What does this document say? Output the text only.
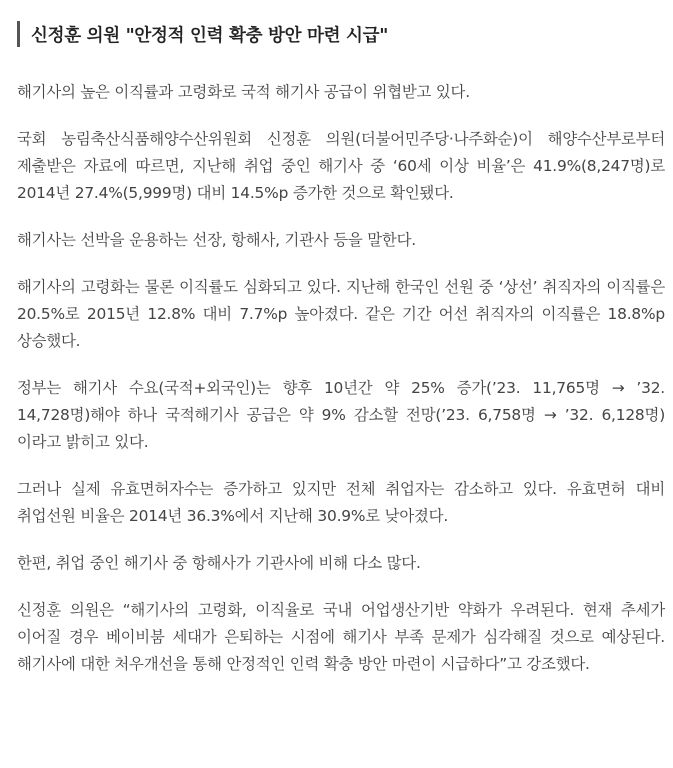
신정훈 의원 "안정적 인력 확충 방안 마련 시급"

해기사의 높은 이직률과 고령화로 국적 해기사 공급이 위협받고 있다.

국회 농림축산식품해양수산위원회 신정훈 의원(더불어민주당·나주화순)이 해양수산부로부터 제출받은 자료에 따르면, 지난해 취업 중인 해기사 중 ‘60세 이상 비율’은 41.9%(8,247명)로 2014년 27.4%(5,999명) 대비 14.5%p 증가한 것으로 확인됐다.

해기사는 선박을 운용하는 선장, 항해사, 기관사 등을 말한다.

해기사의 고령화는 물론 이직률도 심화되고 있다. 지난해 한국인 선원 중 ‘상선’ 취직자의 이직률은 20.5%로 2015년 12.8% 대비 7.7%p 높아졌다. 같은 기간 어선 취직자의 이직률은 18.8%p 상승했다.

정부는 해기사 수요(국적+외국인)는 향후 10년간 약 25% 증가(’23. 11,765명 → ’32. 14,728명)해야 하나 국적해기사 공급은 약 9% 감소할 전망(’23. 6,758명 → ’32. 6,128명)이라고 밝히고 있다.

그러나 실제 유효면허자수는 증가하고 있지만 전체 취업자는 감소하고 있다. 유효면허 대비 취업선원 비율은 2014년 36.3%에서 지난해 30.9%로 낮아졌다.

한편, 취업 중인 해기사 중 항해사가 기관사에 비해 다소 많다.

신정훈 의원은 “해기사의 고령화, 이직율로 국내 어업생산기반 약화가 우려된다. 현재 추세가 이어질 경우 베이비붐 세대가 은퇴하는 시점에 해기사 부족 문제가 심각해질 것으로 예상된다. 해기사에 대한 처우개선을 통해 안정적인 인력 확충 방안 마련이 시급하다”고 강조했다.
